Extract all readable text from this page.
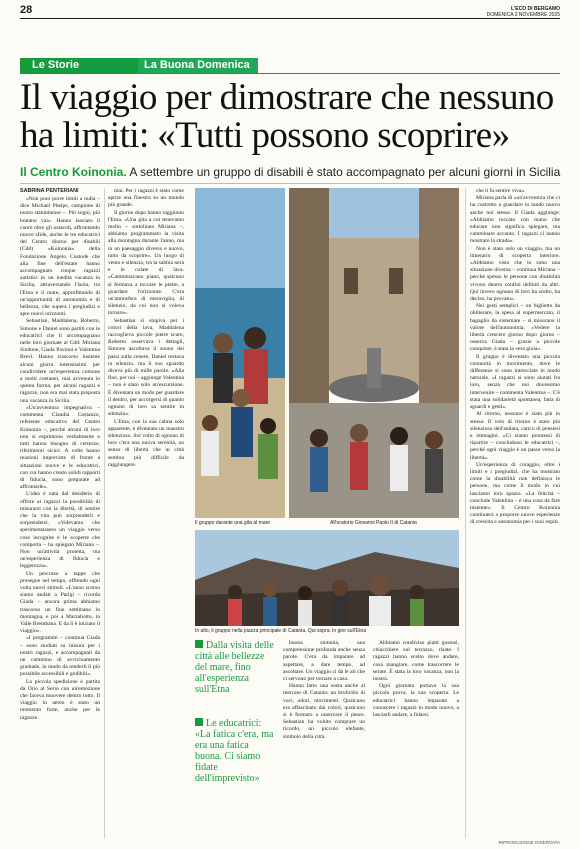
28	L'ECO DI BERGAMO
DOMENICA 2 NOVEMBRE 2025
Le Storie	La Buona Domenica
Il viaggio per dimostrare che nessuno ha limiti: «Tutti possono scoprire»
Il Centro Koinonia. A settembre un gruppo di disabili è stato accompagnato per alcuni giorni in Sicilia
SABRINA PENTERIANI

«Non puoi porre limiti a nulla – dice Michael Phelps, campione di nuoto statunitense –. Più sogni, più lontano vai». Hanno lasciato il cuore oltre gli ostacoli, affrontando nuove sfide, anche le tre educatrici del Centro diurno per disabili (Cdd) «Koinonia» della Fondazione Angelo Custode che alla fine dell'estate hanno accompagnato cinque ragazzi autistici in un inedita vacanza in Sicilia, attraversando l'isola, tra l'Etna e il mare, approfittando di un'opportunità di autonomia e di bellezza, che supera i pregiudizi e apre nuovi orizzonti.

Sebastian, Maddalena, Roberto, Simone e Daniel sono partiti con le educatrici che li accompagnano nelle loro giornate al Cdd: Miriana Sindone, Giada Pavioni e Valentina Brevi. Hanno trascorso insieme alcuni giorni intensissimi per condividere un'esperienza comune a molti coetanei, mai avvenuta in questa forma, per alcuni ragazzi e ragazze, non era mai stata proposta una vacanza in Sicilia.

«Un'avventura impegnativa – commenta Claudia Costanzo, referente educativo del Centro Koinonia –, perché alcuni di loro non si esprimono verbalmente e tutti hanno bisogno di certezze, riferimenti sicuri. A volte hanno reazioni impreviste di fronte a situazioni nuove e le educatrici, con cui hanno creato solidi rapporti di fiducia, sono preparate ad affrontarle».

L'idea è nata dal desiderio di offrire ai ragazzi la possibilità di misurarsi con la libertà, di sentire che la vita può sorprenderli e sorprendersi. «Volevamo che sperimentassero un viaggio verso cose incognite e le scoperte che comporta – ha spiegato Miriana –. Non un'attività protetta, ma un'esperienza di fiducia e leggerezza».

Un percorso a tappe che prosegue nel tempo, offrendo ogni volta nuovi stimoli. «L'anno scorso siamo andati a Parigi – ricorda Giada – ancora prima abbiamo trascorso un fine settimana in montagna, e poi a Marzabotto, in Valle Brembana. E da lì è iniziato il viaggio».

«I programmi – continua Giada – sono studiati su misura per i nostri ragazzi, e accompagnati da un cammino di avvicinamento graduale, in modo da renderli il più possibile accessibili e godibili».

La piccola spedizione è partita da Orio al Serio con un'emozione che faceva muovere dentro tutto. Il viaggio in aereo è stato un momento forte, anche per le ragazze.

mai. Per i ragazzi è stato come aprire una finestra su un mondo più grande.

Il giorno dopo hanno raggiunto l'Etna. «Una gita a cui tenevamo molto – sottolinea Miriana –, abbiamo programmato la visita alla montagna durante l'anno, ma in un paesaggio diverso e nuovo, tutto da scoprire». Un luogo di vento e silenzio, tra la sabbia nera e le colate di lava. «Camminavano piano, qualcuno si fermava a toccare le pietre, a guardare l'orizzonte. C'era un'atmosfera di meraviglia, di silenzio, da cui non si voleva tornare».

Sebastian si stupiva per i colori della lava, Maddalena raccoglieva piccole pietre scure, Roberto osservava i dettagli, Simone ascoltava il suono dei passi sulla cenere, Daniel restava in silenzio, ma il suo sguardo diceva più di mille parole. «Alla fine, per noi – aggiunge Valentina – non è stato solo un'escursione. È diventata un modo per guardare il dentro, per accorgersi di quanto ognuno di loro sa sentire in silenzio».

L'Etna, con la sua calma solo apparente, è diventato un maestro silenzioso. Sul volto di ognuno di loro c'era una nuova serenità, un senso di libertà che in città sembra più difficile da raggiungere.

Il gruppo durante una gita al mare	All'oratorio Giovanni Paolo II di Catania
In alto, il gruppo nella piazza principale di Catania. Qui sopra, in gire sull'Etna
Dalla visita delle città alle bellezze del mare, fino all'esperienza sull'Etna
Le educatrici: «La fatica c'era, ma era una fatica buona. Ci siamo fidate dell'imprevisto»

buona sintonia, una comprensione profonda anche senza parole. C'era da imparare ad aspettare, a dare tempo, ad ascoltare. Un viaggio ci dà le ali che ci servono per tornare a casa.

Hanno fatto una sosta anche al mercato di Catania: un brulichio di voci, odori, movimenti. Qualcuno era affascinato dai colori, qualcuno si è fermato a osservare il pesce. Sebastian ha voluto comprare un ricordo, un piccolo elefante, simbolo della città.

Abbiamo condiviso piatti gustosi, chiacchiere sul terrazzo, risate. I ragazzi hanno scelto dove andare, cosa mangiare, come trascorrere le serate. È stata la loro vacanza, non la nostra.

Ogni giornata portava la sua piccola prova, la sua scoperta. Le educatrici hanno imparato a conoscere i ragazzi in modo nuovo, a lasciarli andare, a fidarsi.

che ti fa sentire viva».

Miriana parla di «un'avventura che ci ha costretto a guardare in modo nuovo anche noi stesse. Il Giada aggiunge: «Abbiamo toccato con mano che educare non significa spiegare, ma camminare accanto. I ragazzi ci hanno mostrato la strada».

Non è stato solo un viaggio, ma un itinerario di scoperta interiore. «Abbiamo visto che lo sono una situazione diversa – continua Miriana – perché spesso le persone con disabilità vivono dentro confini definiti da altri. Qui invece ognuno di loro ha scelto, ha deciso, ha provato».

Nei gesti semplici – un biglietto da obliterare, la spesa al supermercato, il bagaglio da sistemare – si misurano il valore dell'autonomia. «Vedere la libertà crescere giorno dopo giorno – osserva Giada – grazie a piccole conquiste, è stata la vera gioia».

Il gruppo è diventato una piccola comunità in movimento, dove le differenze si sono intrecciate in modo naturale. «I ragazzi si sono aiutati fra loro, senza che noi dovessimo intervenire – commenta Valentina –. C'è stata una solidarietà spontanea, fatta di sguardi e gesti».

Al ritorno, nessuno è stato più lo stesso. Il volo di ritorno è stato più silenzioso dell'andata, carico di pensieri e immagini. «Ci siamo promessi di ripartire – concludono le educatrici –, perché ogni viaggio è un passo verso la libertà».

Un'esperienza di coraggio, oltre i limiti e i pregiudizi, che ha mostrato come la disabilità non definisca le persone, ma come il modo in cui lasciamo loro spazio. «La felicità – conclude Valentina – è una cosa da fare insieme». Il Centro Koinonia continuerà a proporre nuove esperienze di crescita e autonomia per i suoi ospiti.

RIPRODUZIONE RISERVATA
